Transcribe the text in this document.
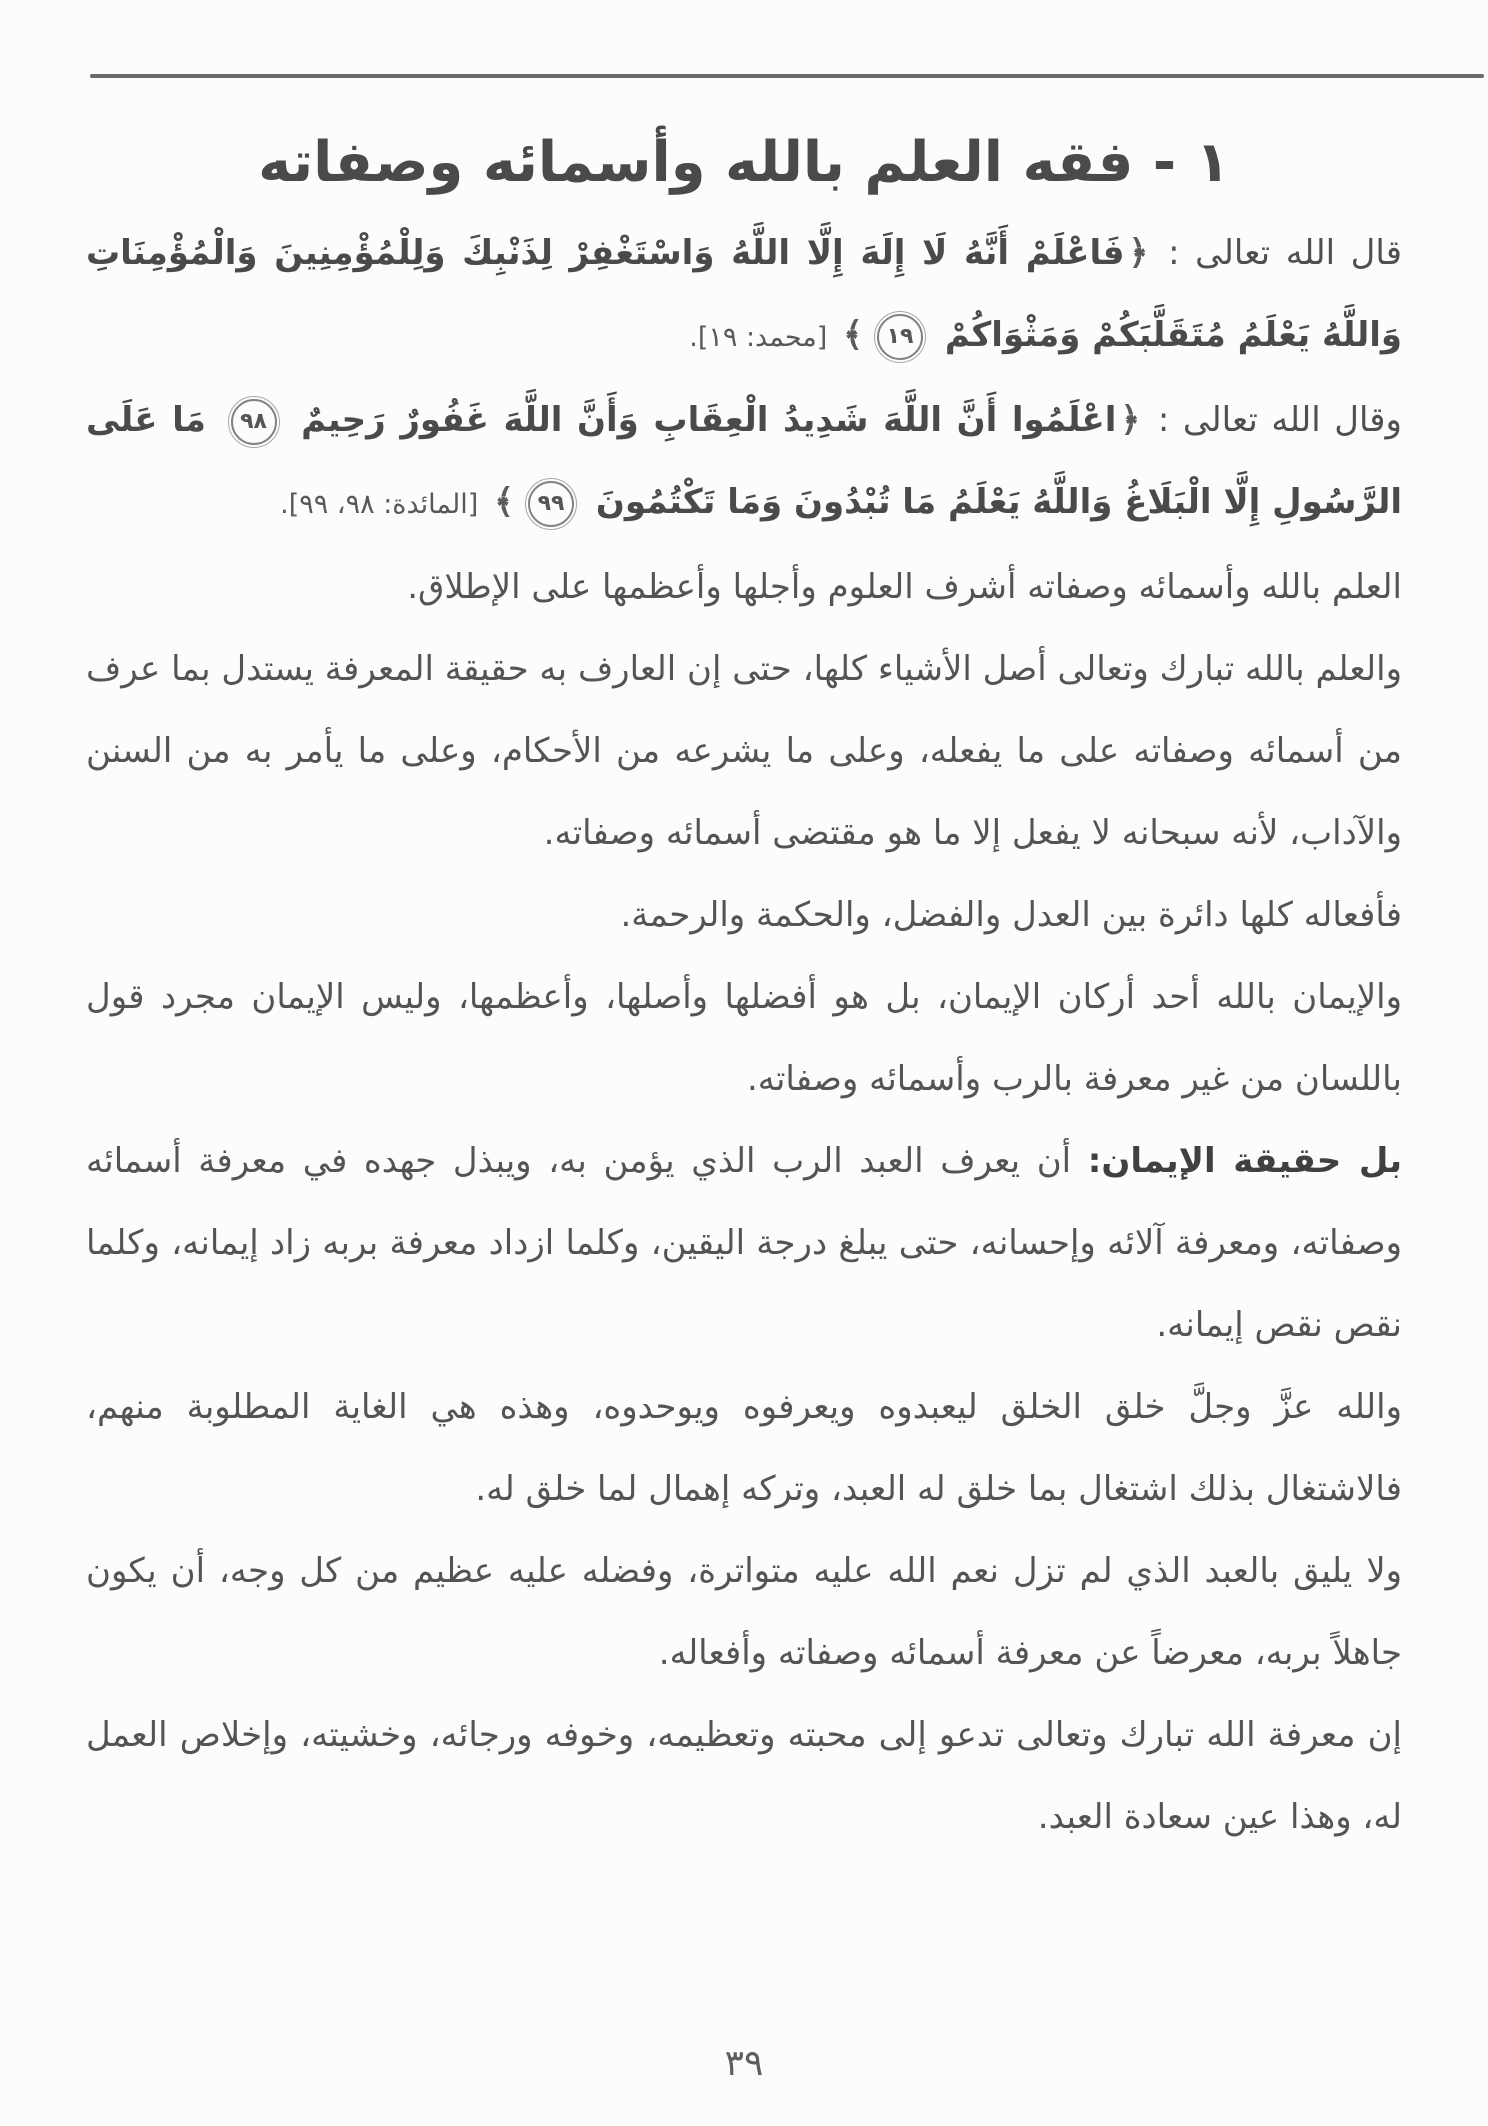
١ - فقه العلم بالله وأسمائه وصفاته

قال الله تعالى : ﴿فَاعْلَمْ أَنَّهُ لَا إِلَهَ إِلَّا اللَّهُ وَاسْتَغْفِرْ لِذَنْبِكَ وَلِلْمُؤْمِنِينَ وَالْمُؤْمِنَاتِ وَاللَّهُ يَعْلَمُ مُتَقَلَّبَكُمْ وَمَثْوَاكُمْ ١٩﴾ [محمد: ١٩].

وقال الله تعالى : ﴿اعْلَمُوا أَنَّ اللَّهَ شَدِيدُ الْعِقَابِ وَأَنَّ اللَّهَ غَفُورٌ رَحِيمٌ ٩٨ مَا عَلَى الرَّسُولِ إِلَّا الْبَلَاغُ وَاللَّهُ يَعْلَمُ مَا تُبْدُونَ وَمَا تَكْتُمُونَ ٩٩﴾ [المائدة: ٩٨، ٩٩].

العلم بالله وأسمائه وصفاته أشرف العلوم وأجلها وأعظمها على الإطلاق.

والعلم بالله تبارك وتعالى أصل الأشياء كلها، حتى إن العارف به حقيقة المعرفة يستدل بما عرف من أسمائه وصفاته على ما يفعله، وعلى ما يشرعه من الأحكام، وعلى ما يأمر به من السنن والآداب، لأنه سبحانه لا يفعل إلا ما هو مقتضى أسمائه وصفاته.

فأفعاله كلها دائرة بين العدل والفضل، والحكمة والرحمة.

والإيمان بالله أحد أركان الإيمان، بل هو أفضلها وأصلها، وأعظمها، وليس الإيمان مجرد قول باللسان من غير معرفة بالرب وأسمائه وصفاته.

بل حقيقة الإيمان: أن يعرف العبد الرب الذي يؤمن به، ويبذل جهده في معرفة أسمائه وصفاته، ومعرفة آلائه وإحسانه، حتى يبلغ درجة اليقين، وكلما ازداد معرفة بربه زاد إيمانه، وكلما نقص نقص إيمانه.

والله عزَّ وجلَّ خلق الخلق ليعبدوه ويعرفوه ويوحدوه، وهذه هي الغاية المطلوبة منهم، فالاشتغال بذلك اشتغال بما خلق له العبد، وتركه إهمال لما خلق له.

ولا يليق بالعبد الذي لم تزل نعم الله عليه متواترة، وفضله عليه عظيم من كل وجه، أن يكون جاهلاً بربه، معرضاً عن معرفة أسمائه وصفاته وأفعاله.

إن معرفة الله تبارك وتعالى تدعو إلى محبته وتعظيمه، وخوفه ورجائه، وخشيته، وإخلاص العمل له، وهذا عين سعادة العبد.

٣٩
